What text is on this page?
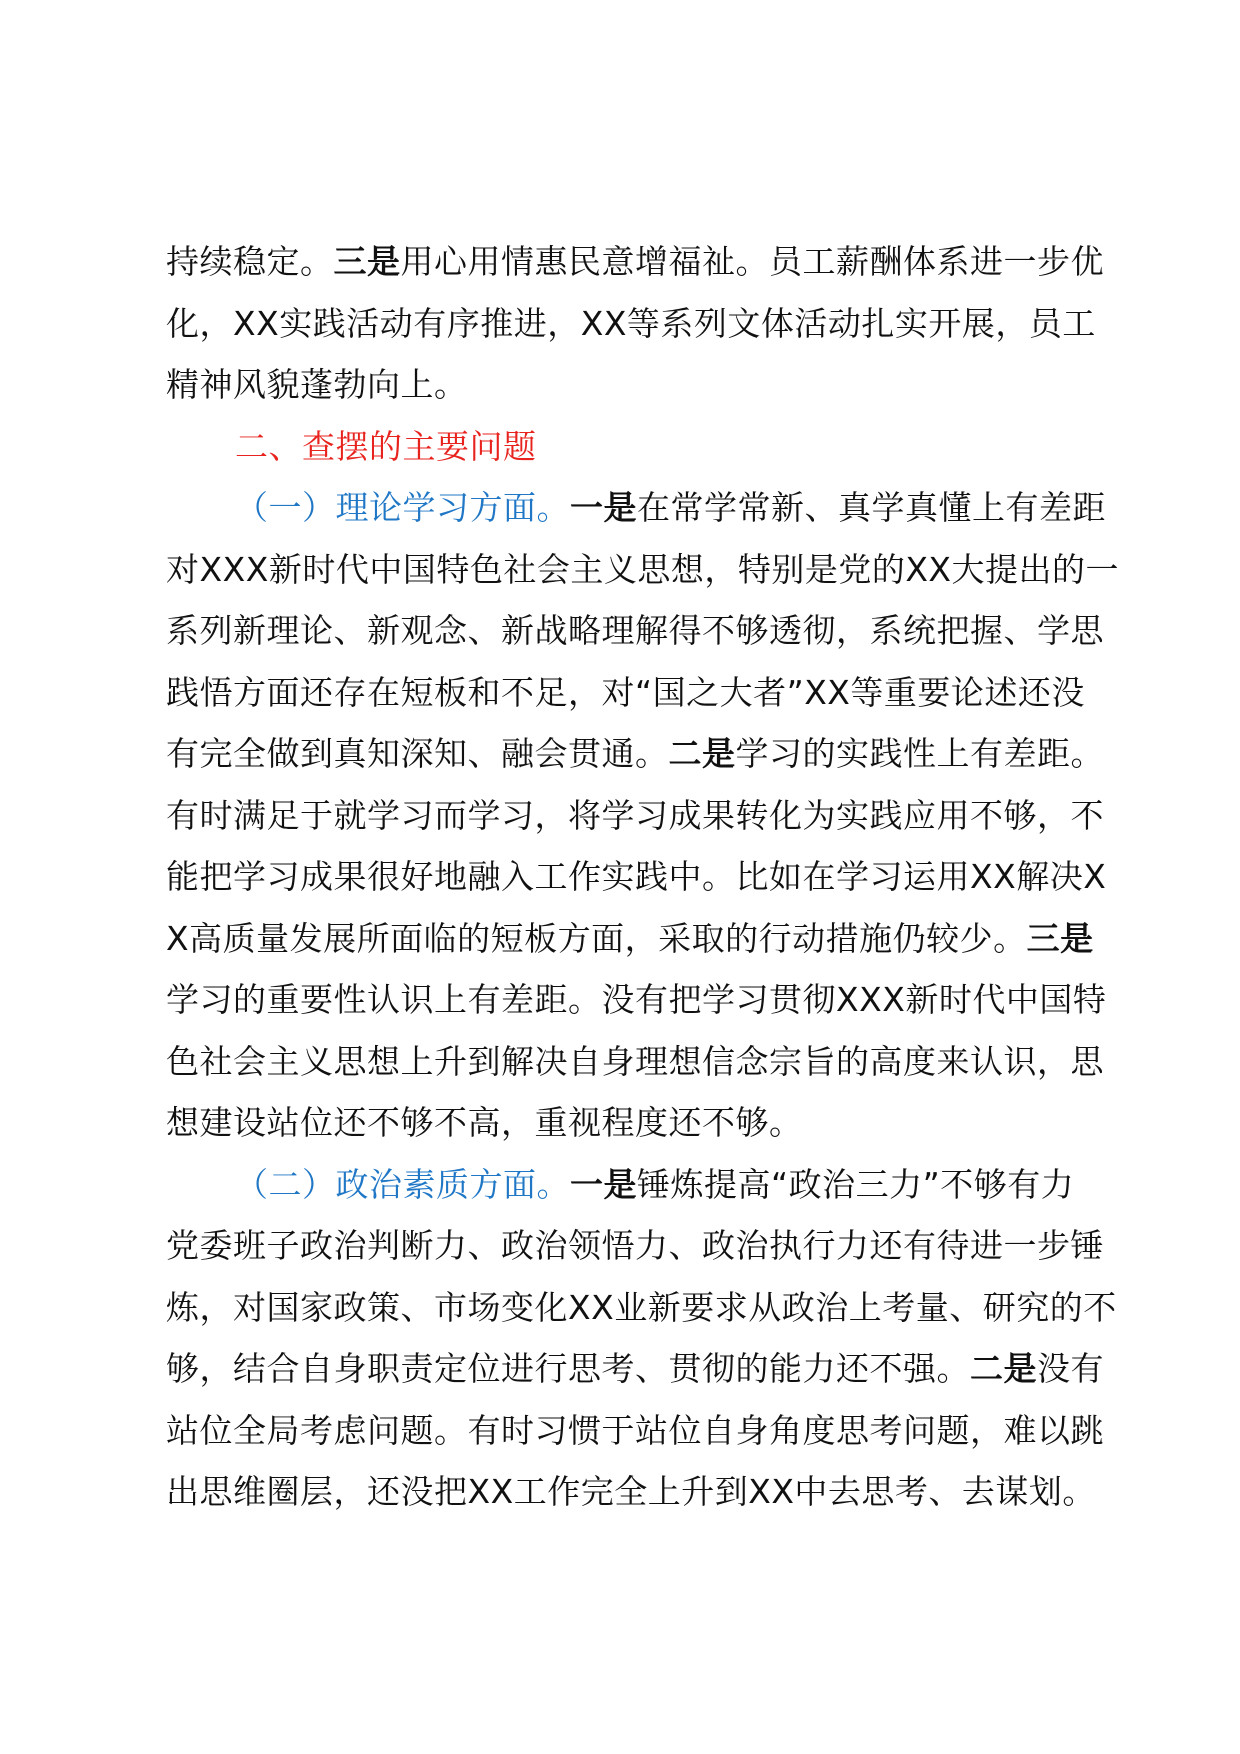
持续稳定。三是用心用情惠民意增福祉。员工薪酬体系进一步优
化，XX实践活动有序推进，XX等系列文体活动扎实开展，员工
精神风貌蓬勃向上。
二、查摆的主要问题
（一）理论学习方面。一是在常学常新、真学真懂上有差距
对XXX新时代中国特色社会主义思想，特别是党的XX大提出的一
系列新理论、新观念、新战略理解得不够透彻，系统把握、学思
践悟方面还存在短板和不足，对“国之大者”XX等重要论述还没
有完全做到真知深知、融会贯通。二是学习的实践性上有差距。
有时满足于就学习而学习，将学习成果转化为实践应用不够，不
能把学习成果很好地融入工作实践中。比如在学习运用XX解决X
X高质量发展所面临的短板方面，采取的行动措施仍较少。三是
学习的重要性认识上有差距。没有把学习贯彻XXX新时代中国特
色社会主义思想上升到解决自身理想信念宗旨的高度来认识，思
想建设站位还不够不高，重视程度还不够。
（二）政治素质方面。一是锤炼提高“政治三力”不够有力
党委班子政治判断力、政治领悟力、政治执行力还有待进一步锤
炼，对国家政策、市场变化XX业新要求从政治上考量、研究的不
够，结合自身职责定位进行思考、贯彻的能力还不强。二是没有
站位全局考虑问题。有时习惯于站位自身角度思考问题，难以跳
出思维圈层，还没把XX工作完全上升到XX中去思考、去谋划。
